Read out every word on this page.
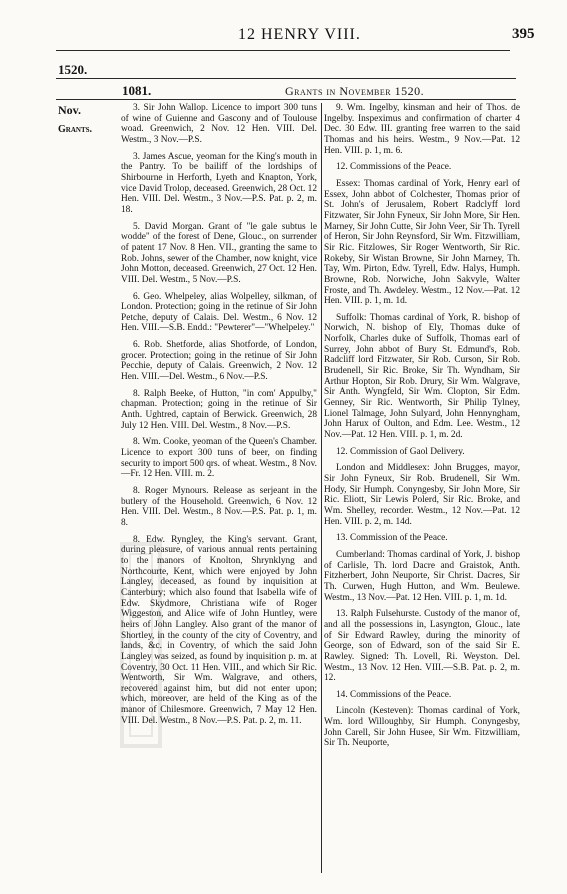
12 HENRY VIII.	395
1520.
1081.	Grants in November 1520.
Nov.
Grants.

3. Sir John Wallop. Licence to import 300 tuns of wine of Guienne and Gascony and of Toulouse woad. Greenwich, 2 Nov. 12 Hen. VIII. Del. Westm., 3 Nov.—P.S.

3. James Ascue, yeoman for the King's mouth in the Pantry. To be bailiff of the lordships of Shirbourne in Herforth, Lyeth and Knapton, York, vice David Trolop, deceased. Greenwich, 28 Oct. 12 Hen. VIII. Del. Westm., 3 Nov.—P.S. Pat. p. 2, m. 18.

5. David Morgan. Grant of "le gale subtus le wodde" of the forest of Dene, Glouc., on surrender of patent 17 Nov. 8 Hen. VII., granting the same to Rob. Johns, sewer of the Chamber, now knight, vice John Motton, deceased. Greenwich, 27 Oct. 12 Hen. VIII. Del. Westm., 5 Nov.—P.S.

6. Geo. Whelpeley, alias Wolpelley, silkman, of London. Protection; going in the retinue of Sir John Petche, deputy of Calais. Del. Westm., 6 Nov. 12 Hen. VIII.—S.B. Endd.: "Pewterer"—"Whelpeley."

6. Rob. Shetforde, alias Shotforde, of London, grocer. Protection; going in the retinue of Sir John Pecchie, deputy of Calais. Greenwich, 2 Nov. 12 Hen. VIII.—Del. Westm., 6 Nov.—P.S.

8. Ralph Beeke, of Hutton, "in com' Appulby," chapman. Protection; going in the retinue of Sir Anth. Ughtred, captain of Berwick. Greenwich, 28 July 12 Hen. VIII. Del. Westm., 8 Nov.—P.S.

8. Wm. Cooke, yeoman of the Queen's Chamber. Licence to export 300 tuns of beer, on finding security to import 500 qrs. of wheat. Westm., 8 Nov.—Fr. 12 Hen. VIII. m. 2.

8. Roger Mynours. Release as serjeant in the butlery of the Household. Greenwich, 6 Nov. 12 Hen. VIII. Del. Westm., 8 Nov.—P.S. Pat. p. 1, m. 8.

8. Edw. Ryngley, the King's servant. Grant, during pleasure, of various annual rents pertaining to the manors of Knolton, Shrynklyng and Northcourte, Kent, which were enjoyed by John Langley, deceased, as found by inquisition at Canterbury; which also found that Isabella wife of Edw. Skydmore, Christiana wife of Roger Wiggeston, and Alice wife of John Huntley, were heirs of John Langley. Also grant of the manor of Shortley, in the county of the city of Coventry, and lands, &c. in Coventry, of which the said John Langley was seized, as found by inquisition p. m. at Coventry, 30 Oct. 11 Hen. VIII., and which Sir Ric. Wentworth, Sir Wm. Walgrave, and others, recovered against him, but did not enter upon; which, moreover, are held of the King as of the manor of Chilesmore. Greenwich, 7 May 12 Hen. VIII. Del. Westm., 8 Nov.—P.S. Pat. p. 2, m. 11.

9. Wm. Ingelby, kinsman and heir of Thos. de Ingelby. Inspeximus and confirmation of charter 4 Dec. 30 Edw. III. granting free warren to the said Thomas and his heirs. Westm., 9 Nov.—Pat. 12 Hen. VIII. p. 1, m. 6.

12. Commissions of the Peace.

Essex: Thomas cardinal of York, Henry earl of Essex, John abbot of Colchester, Thomas prior of St. John's of Jerusalem, Robert Radclyff lord Fitzwater, Sir John Fyneux, Sir John More, Sir Hen. Marney, Sir John Cutte, Sir John Veer, Sir Th. Tyrell of Heron, Sir John Reynsford, Sir Wm. Fitzwilliam, Sir Ric. Fitzlowes, Sir Roger Wentworth, Sir Ric. Rokeby, Sir Wistan Browne, Sir John Marney, Th. Tay, Wm. Pirton, Edw. Tyrell, Edw. Halys, Humph. Browne, Rob. Norwiche, John Sakvyle, Walter Froste, and Th. Awdeley. Westm., 12 Nov.—Pat. 12 Hen. VIII. p. 1, m. 1d.

Suffolk: Thomas cardinal of York, R. bishop of Norwich, N. bishop of Ely, Thomas duke of Norfolk, Charles duke of Suffolk, Thomas earl of Surrey, John abbot of Bury St. Edmund's, Rob. Radcliff lord Fitzwater, Sir Rob. Curson, Sir Rob. Brudenell, Sir Ric. Broke, Sir Th. Wyndham, Sir Arthur Hopton, Sir Rob. Drury, Sir Wm. Walgrave, Sir Anth. Wyngfeld, Sir Wm. Clopton, Sir Edm. Genney, Sir Ric. Wentworth, Sir Philip Tylney, Lionel Talmage, John Sulyard, John Hennyngham, John Harux of Oulton, and Edm. Lee. Westm., 12 Nov.—Pat. 12 Hen. VIII. p. 1, m. 2d.

12. Commission of Gaol Delivery.

London and Middlesex: John Brugges, mayor, Sir John Fyneux, Sir Rob. Brudenell, Sir Wm. Hody, Sir Humph. Conyngesby, Sir John More, Sir Ric. Eliott, Sir Lewis Polerd, Sir Ric. Broke, and Wm. Shelley, recorder. Westm., 12 Nov.—Pat. 12 Hen. VIII. p. 2, m. 14d.

13. Commission of the Peace.

Cumberland: Thomas cardinal of York, J. bishop of Carlisle, Th. lord Dacre and Graistok, Anth. Fitzherbert, John Neuporte, Sir Christ. Dacres, Sir Th. Curwen, Hugh Hutton, and Wm. Beulewe. Westm., 13 Nov.—Pat. 12 Hen. VIII. p. 1, m. 1d.

13. Ralph Fulsehurste. Custody of the manor of, and all the possessions in, Lasyngton, Glouc., late of Sir Edward Rawley, during the minority of George, son of Edward, son of the said Sir E. Rawley. Signed: Th. Lovell, Ri. Weyston. Del. Westm., 13 Nov. 12 Hen. VIII.—S.B. Pat. p. 2, m. 12.

14. Commissions of the Peace.

Lincoln (Kesteven): Thomas cardinal of York, Wm. lord Willoughby, Sir Humph. Conyngesby, John Carell, Sir John Husee, Sir Wm. Fitzwilliam, Sir Th. Neuporte,
